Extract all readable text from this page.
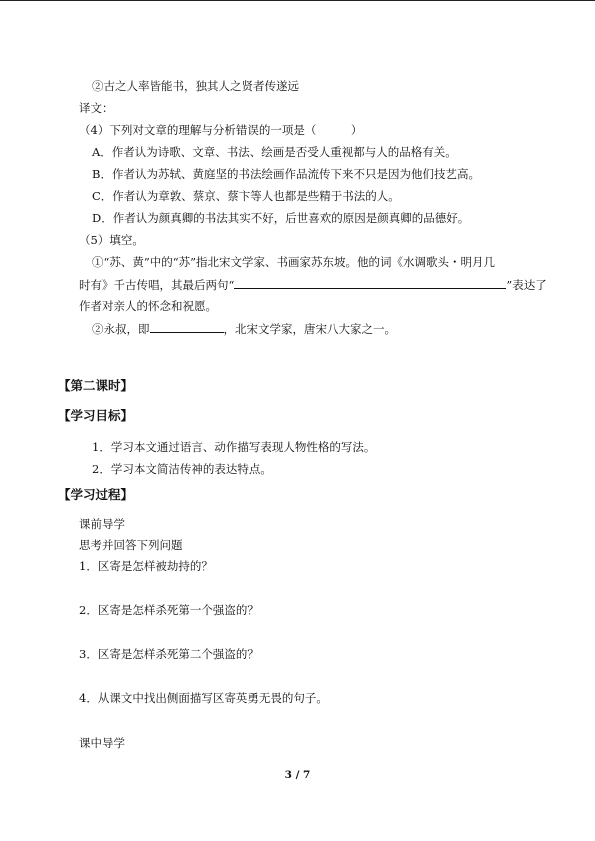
②古之人率皆能书，独其人之贤者传遂远
译文：
（4）下列对文章的理解与分析错误的一项是（　　　）
A．作者认为诗歌、文章、书法、绘画是否受人重视都与人的品格有关。
B．作者认为苏轼、黄庭坚的书法绘画作品流传下来不只是因为他们技艺高。
C．作者认为章敦、蔡京、蔡卞等人也都是些精于书法的人。
D．作者认为颜真卿的书法其实不好，后世喜欢的原因是颜真卿的品德好。
（5）填空。
①“苏、黄”中的“苏”指北宋文学家、书画家苏东坡。他的词《水调歌头・明月几
时有》千古传唱，其最后两句“	”表达了
作者对亲人的怀念和祝愿。
②永叔，即	，北宋文学家，唐宋八大家之一。
【第二课时】
【学习目标】
1．学习本文通过语言、动作描写表现人物性格的写法。
2．学习本文简洁传神的表达特点。
【学习过程】
课前导学
思考并回答下列问题
1．区寄是怎样被劫持的？
2．区寄是怎样杀死第一个强盗的？
3．区寄是怎样杀死第二个强盗的？
4．从课文中找出侧面描写区寄英勇无畏的句子。
课中导学
3 / 7
